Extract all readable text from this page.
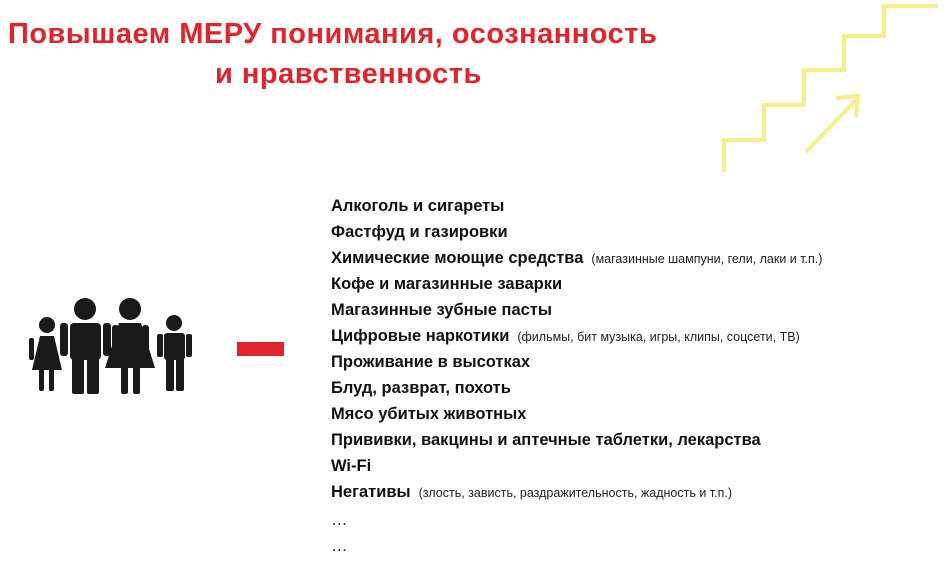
Повышаем МЕРУ понимания, осознанность
и нравственность
Алкоголь и сигареты
Фастфуд и газировки
Химические моющие средства (магазинные шампуни, гели, лаки и т.п.)
Кофе и магазинные заварки
Магазинные зубные пасты
Цифровые наркотики (фильмы, бит музыка, игры, клипы, соцсети, ТВ)
Проживание в высотках
Блуд, разврат, похоть
Мясо убитых животных
Прививки, вакцины и аптечные таблетки, лекарства
Wi-Fi
Негативы (злость, зависть, раздражительность, жадность и т.п.)
…
…
